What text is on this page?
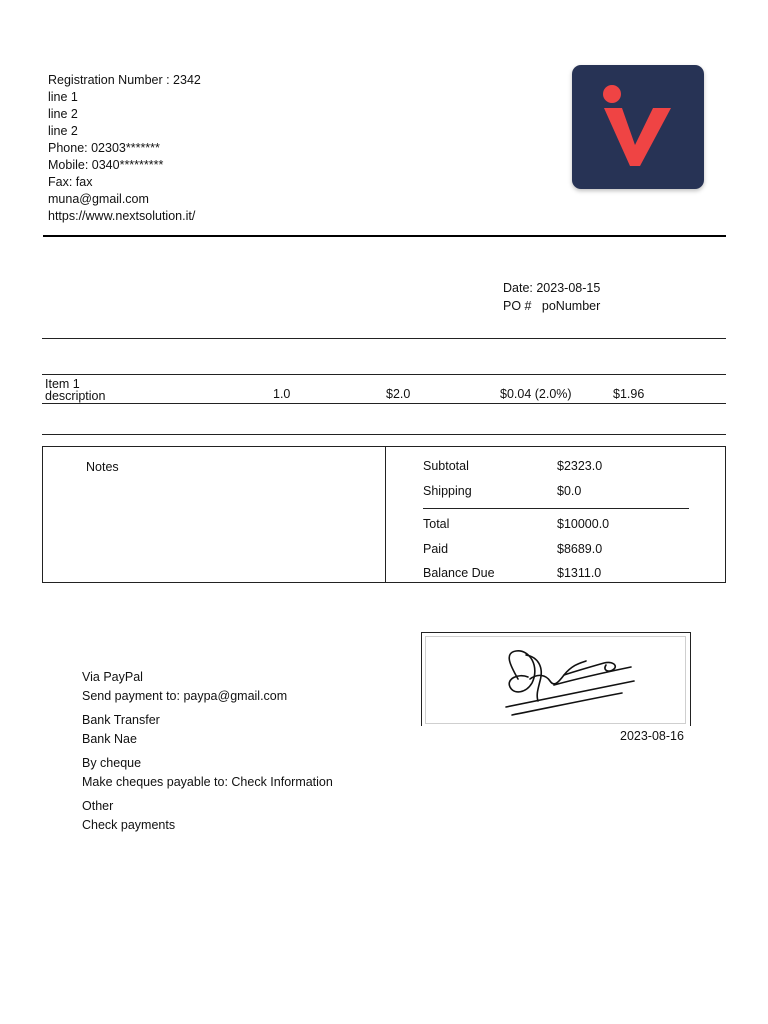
Registration Number : 2342
line 1
line 2
line 2
Phone: 02303*******
Mobile: 0340*********
Fax: fax
muna@gmail.com
https://www.nextsolution.it/
Date: 2023-08-15
PO #   poNumber
Item 1
description	1.0	$2.0	$0.04 (2.0%)	$1.96
Notes	Subtotal	$2323.0
Shipping	$0.0
Total	$10000.0
Paid	$8689.0
Balance Due	$1311.0
Via PayPal
Send payment to: paypa@gmail.com
Bank Transfer
Bank Nae
By cheque
Make cheques payable to: Check Information
Other
Check payments
2023-08-16
